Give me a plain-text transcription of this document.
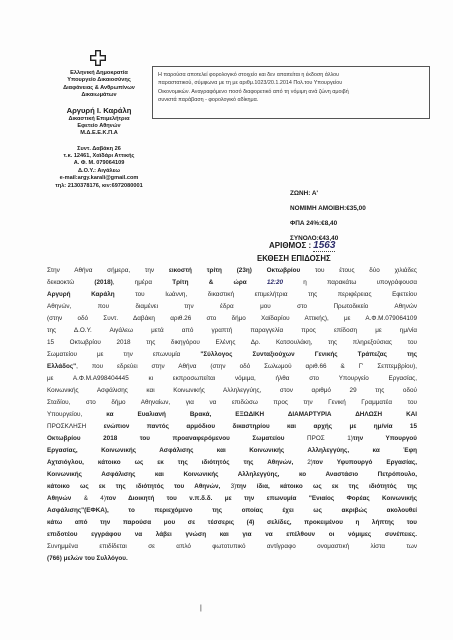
Ελληνική Δημοκρατία
Υπουργείο Δικαιοσύνης
Διαφάνειας & Ανθρωπίνων
Δικαιωμάτων
Αργυρή Ι. Καράλη
Δικαστική Επιμελήτρια
Εφετείο Αθηνών
Μ.Δ.Ε.Ε.Κ.Π.Α
Συντ. Δαβάκη 26
τ.κ. 12461, Χαϊδάρι Αττικής
Α. Φ. Μ. 079064109
Δ.Ο.Υ.: Αιγάλεω
e-mail:argy.karali@gmail.com
τηλ: 2130378176, κιν:6972080001
Η παρούσα αποτελεί φορολογικό στοιχείο και δεν απαιτείται η έκδοση άλλου
παραστατικού, σύμφωνα με τη με αριθμ.1023/20.1.2014 Πολ.του Υπουργείου
Οικονομικών. Αναγραφόμενο ποσό διαφορετικό από τη νόμιμη ανά ζώνη αμοιβή
συνιστά παράβαση - φορολογικό αδίκημα.
ΖΩΝΗ: Α'
ΝΟΜΙΜΗ ΑΜΟΙΒΗ:€35,00
ΦΠΑ 24%:€8,40
ΣΥΝΟΛΟ:€43,40
ΑΡΙΘΜΟΣ : 1563
ΕΚΘΕΣΗ ΕΠΙΔΟΣΗΣ
Στην Αθήνα σήμερα, την εικοστή τρίτη (23η) Οκτωβρίου του έτους δύο χιλιάδες
δεκαοκτώ (2018), ημέρα Τρίτη & ώρα	12:20 η παρακάτω υπογράφουσα
Αργυρή Καράλη του Ιωάννη, δικαστική επιμελήτρια της περιφέρειας Εφετείου
Αθηνών, που διαμένει την έδρα μου στο Πρωτοδικείο Αθηνών
(στην οδό Συντ. Δαβάκη αριθ.26 στο δήμο Χαϊδαρίου Αττικής), με Α.Φ.Μ.079064109
της Δ.Ο.Υ. Αιγάλεω μετά από γραπτή παραγγελία προς επίδοση με ημ/νία
15 Οκτωβρίου 2018 της δικηγόρου Ελένης Δρ. Κατσουλάκη, της πληρεξούσιας του
Σωματείου με την επωνυμία "Σύλλογος Συνταξιούχων Γενικής Τράπεζας της
Ελλάδος", που εδρεύει στην Αθήνα (στην οδό Σωλωμού αριθ.66 & Γ' Σεπτεμβρίου),
με Α.Φ.Μ.Α998404445 κι εκπροσωπείται νόμιμα, ήλθα στο Υπουργείο Εργασίας,
Κοινωνικής Ασφάλισης και Κοινωνικής Αλληλεγγύης, στον αριθμό 29 της οδού
Σταδίου, στο δήμο Αθηναίων, για να επιδώσω προς την Γενική Γραμματέα του
Υπουργείου, κα Ευαλιανή Βρακά, ΕΞΩΔΙΚΗ ΔΙΑΜΑΡΤΥΡΙΑ ΔΗΛΩΣΗ ΚΑΙ
ΠΡΟΣΚΛΗΣΗ ενώπιον παντός αρμόδιου δικαστηρίου και αρχής με ημ/νία 15
Οκτωβρίου 2018 του προαναφερόμενου Σωματείου ΠΡΟΣ 1)την Υπουργού
Εργασίας, Κοινωνικής Ασφάλισης και Κοινωνικής Αλληλεγγύης, κα Έφη
Αχτσιόγλου, κάτοικο ως εκ της ιδιότητός της Αθηνών, 2)τον Υφυπουργό Εργασίας,
Κοινωνικής Ασφάλισης και Κοινωνικής Αλληλεγγύης, κο Αναστάσιο Πετρόπουλο,
κάτοικο ως εκ της ιδιότητός του Αθηνών, 3)την ίδια, κάτοικο ως εκ της ιδιότητός της
Αθηνών & 4)τον Διοικητή του ν.π.δ.δ. με την επωνυμία "Ενιαίος Φορέας Κοινωνικής
Ασφάλισης"(ΕΦΚΑ), το περιεχόμενο της οποίας έχει ως ακριβώς ακολουθεί
κάτω από την παρούσα μου σε τέσσερις (4) σελίδες, προκειμένου η λήπτης του
επιδοτέου εγγράφου να λάβει γνώση και για να επέλθουν οι νόμιμες συνέπειες.
Συνημμένα επιδίδεται σε απλό φωτοτυπικό αντίγραφο ονομαστική λίστα των
(766) μελών του Συλλόγου.
|
